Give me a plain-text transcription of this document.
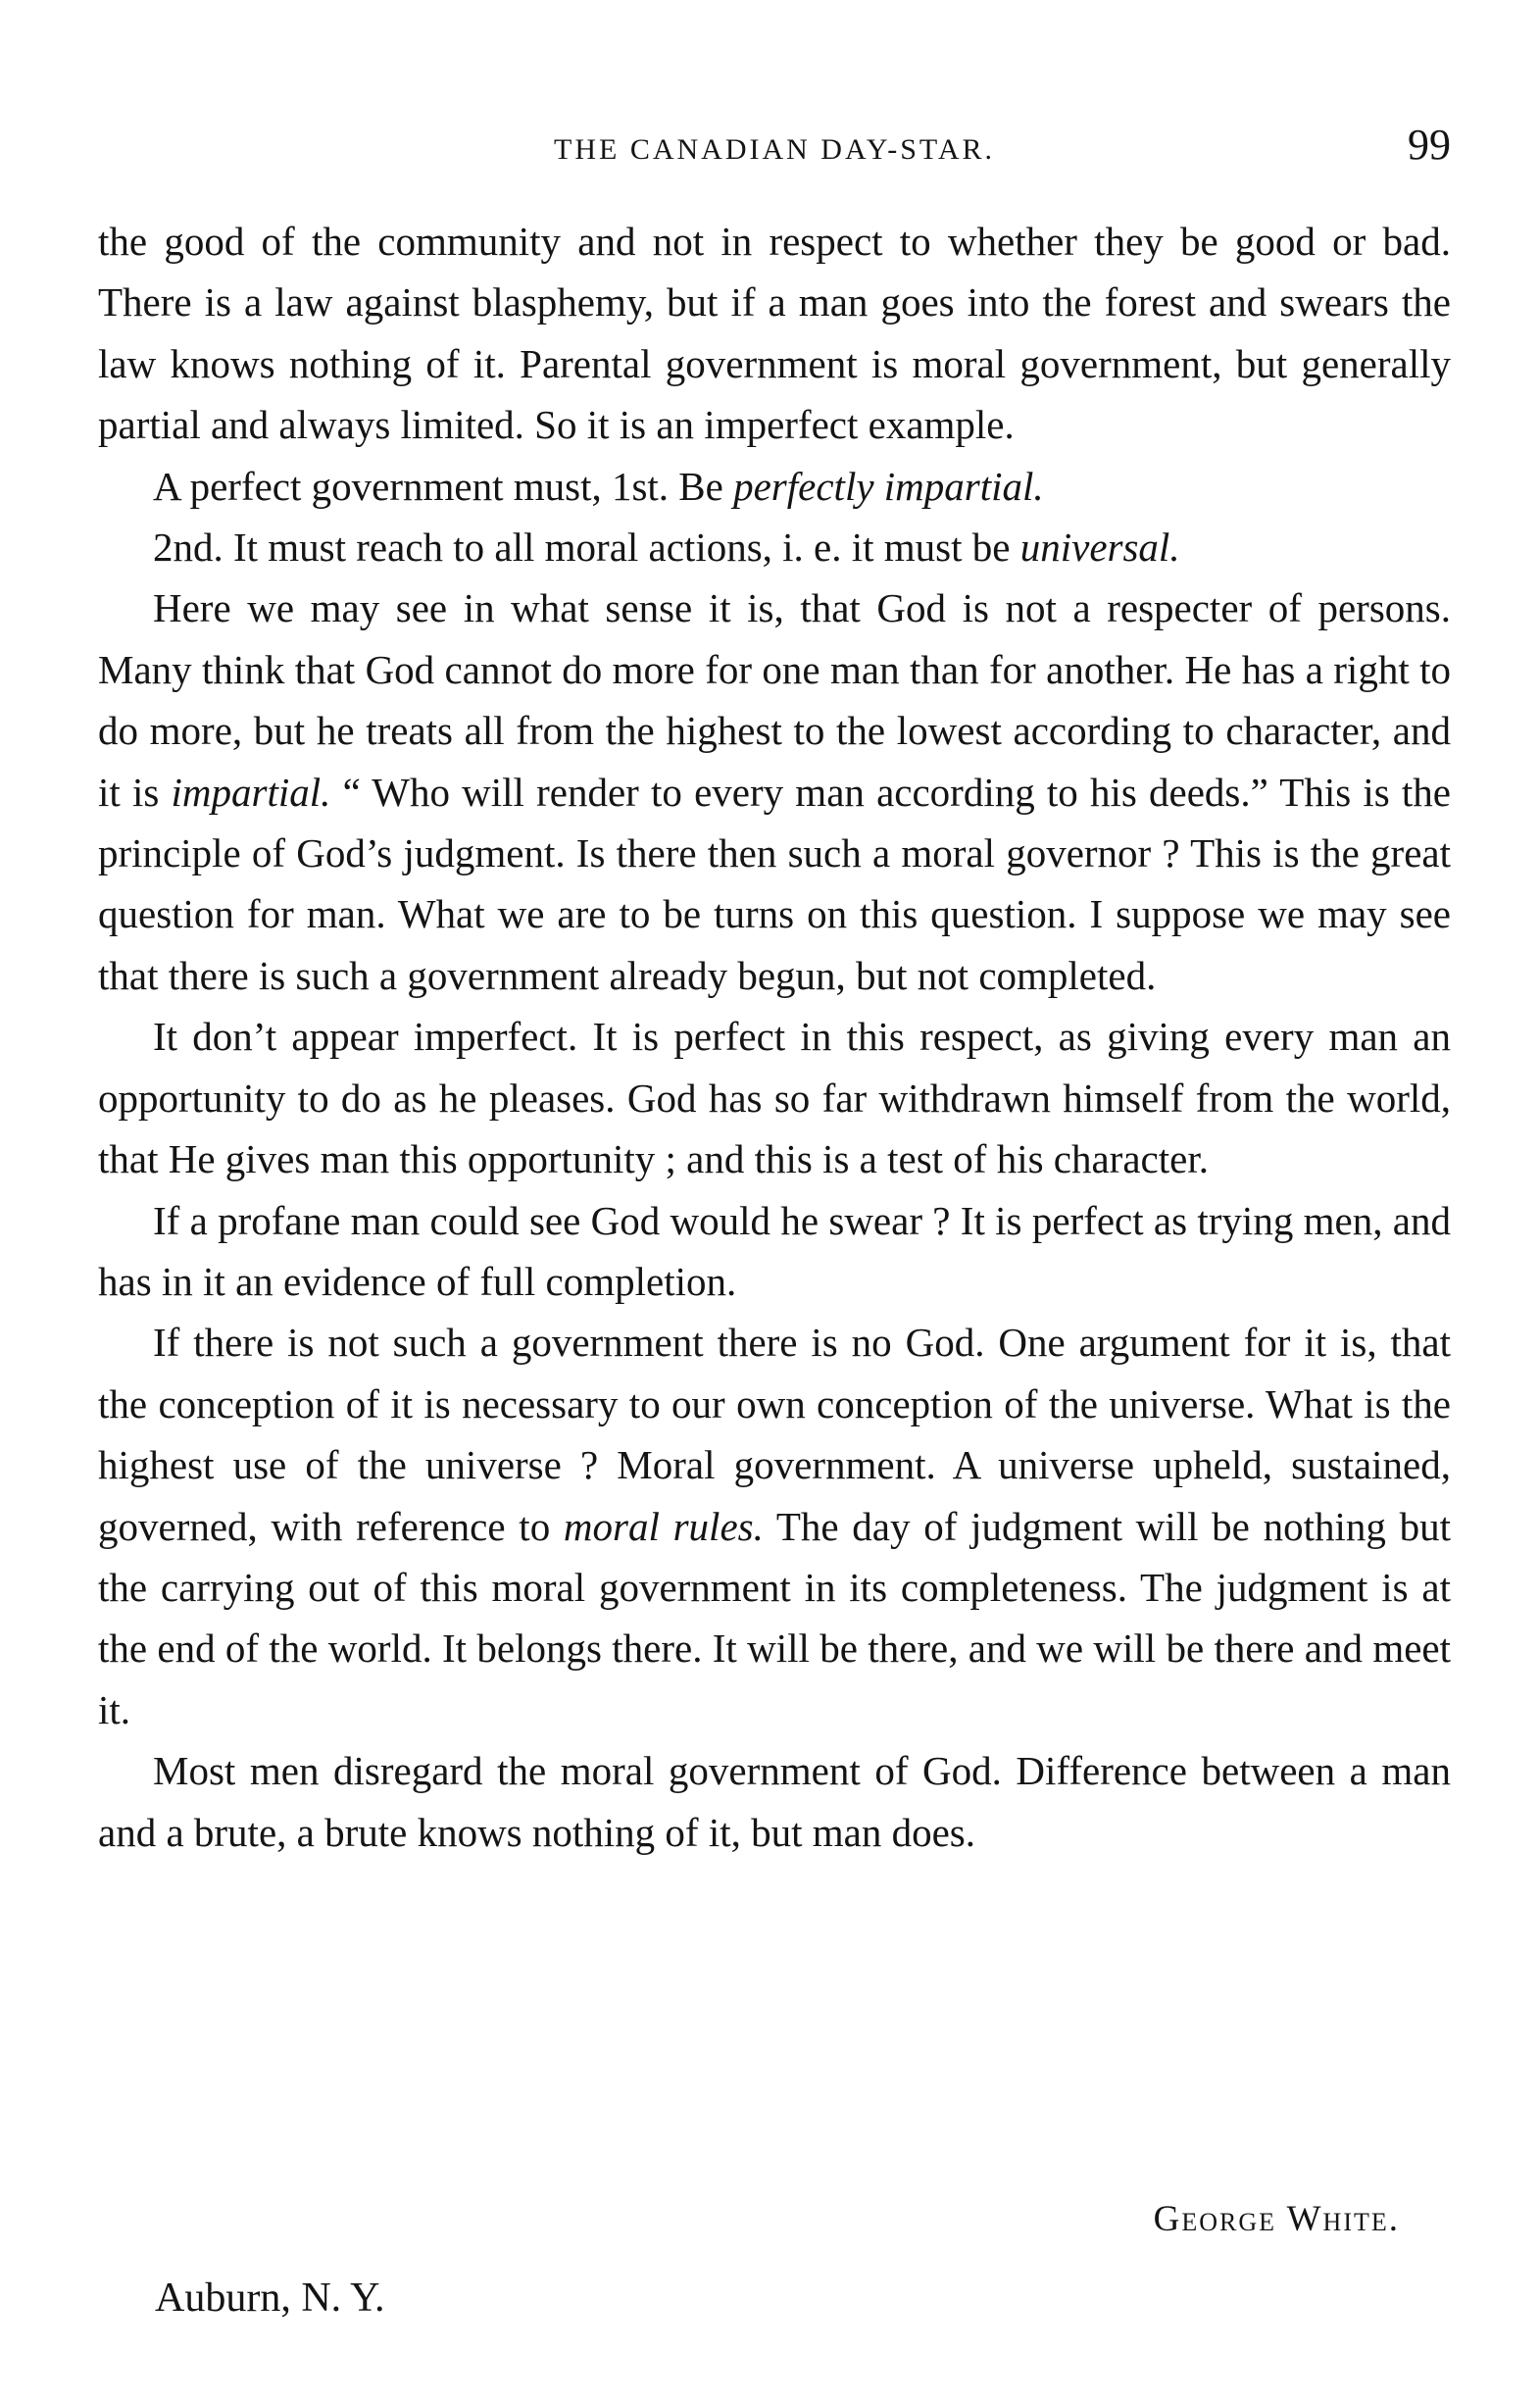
THE CANADIAN DAY-STAR.	99

the good of the community and not in respect to whether they be good or bad. There is a law against blasphemy, but if a man goes into the forest and swears the law knows nothing of it. Parental government is moral government, but generally partial and always limited. So it is an imperfect example.

A perfect government must, 1st. Be perfectly impartial.

2nd. It must reach to all moral actions, i. e. it must be universal.

Here we may see in what sense it is, that God is not a respecter of persons. Many think that God cannot do more for one man than for another. He has a right to do more, but he treats all from the highest to the lowest according to character, and it is impartial. “ Who will render to every man according to his deeds.” This is the principle of God’s judgment. Is there then such a moral governor ? This is the great question for man. What we are to be turns on this question. I suppose we may see that there is such a government already begun, but not completed.

It don’t appear imperfect. It is perfect in this respect, as giving every man an opportunity to do as he pleases. God has so far withdrawn himself from the world, that He gives man this opportunity ; and this is a test of his character.

If a profane man could see God would he swear ? It is perfect as trying men, and has in it an evidence of full completion.

If there is not such a government there is no God. One argument for it is, that the conception of it is necessary to our own conception of the universe. What is the highest use of the universe ? Moral government. A universe upheld, sustained, governed, with reference to moral rules. The day of judgment will be nothing but the carrying out of this moral government in its completeness. The judgment is at the end of the world. It belongs there. It will be there, and we will be there and meet it.

Most men disregard the moral government of God. Difference between a man and a brute, a brute knows nothing of it, but man does.

George White.
Auburn, N. Y.
